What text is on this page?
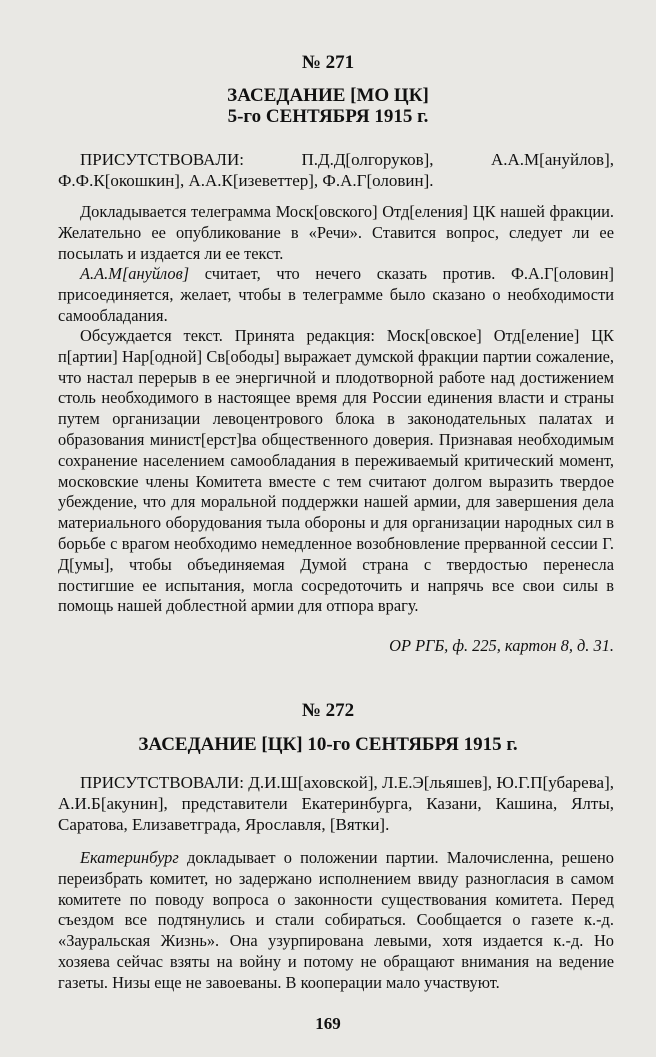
№ 271
ЗАСЕДАНИЕ [МО ЦК]
5-го СЕНТЯБРЯ 1915 г.
ПРИСУТСТВОВАЛИ: П.Д.Д[олгоруков], А.А.М[ануйлов], Ф.Ф.К[окошкин], А.А.К[изеветтер], Ф.А.Г[оловин].
Докладывается телеграмма Моск[овского] Отд[еления] ЦК нашей фракции. Желательно ее опубликование в «Речи». Ставится вопрос, следует ли ее посылать и издается ли ее текст.
А.А.М[ануйлов] считает, что нечего сказать против. Ф.А.Г[оловин] присоединяется, желает, чтобы в телеграмме было сказано о необходимости самообладания.
Обсуждается текст. Принята редакция: Моск[овское] Отд[еление] ЦК п[артии] Нар[одной] Св[ободы] выражает думской фракции партии сожаление, что настал перерыв в ее энергичной и плодотворной работе над достижением столь необходимого в настоящее время для России единения власти и страны путем организации левоцентрового блока в законодательных палатах и образования минист[ерст]ва общественного доверия. Признавая необходимым сохранение населением самообладания в переживаемый критический момент, московские члены Комитета вместе с тем считают долгом выразить твердое убеждение, что для моральной поддержки нашей армии, для завершения дела материального оборудования тыла обороны и для организации народных сил в борьбе с врагом необходимо немедленное возобновление прерванной сессии Г. Д[умы], чтобы объединяемая Думой страна с твердостью перенесла постигшие ее испытания, могла сосредоточить и напрячь все свои силы в помощь нашей доблестной армии для отпора врагу.
ОР РГБ, ф. 225, картон 8, д. 31.
№ 272
ЗАСЕДАНИЕ [ЦК] 10-го СЕНТЯБРЯ 1915 г.
ПРИСУТСТВОВАЛИ: Д.И.Ш[аховской], Л.Е.Э[льяшев], Ю.Г.П[убарева], А.И.Б[акунин], представители Екатеринбурга, Казани, Кашина, Ялты, Саратова, Елизаветграда, Ярославля, [Вятки].
Екатеринбург докладывает о положении партии. Малочисленна, решено переизбрать комитет, но задержано исполнением ввиду разногласия в самом комитете по поводу вопроса о законности существования комитета. Перед съездом все подтянулись и стали собираться. Сообщается о газете к.-д. «Зауральская Жизнь». Она узурпирована левыми, хотя издается к.-д. Но хозяева сейчас взяты на войну и потому не обращают внимания на ведение газеты. Низы еще не завоеваны. В кооперации мало участвуют.
169
